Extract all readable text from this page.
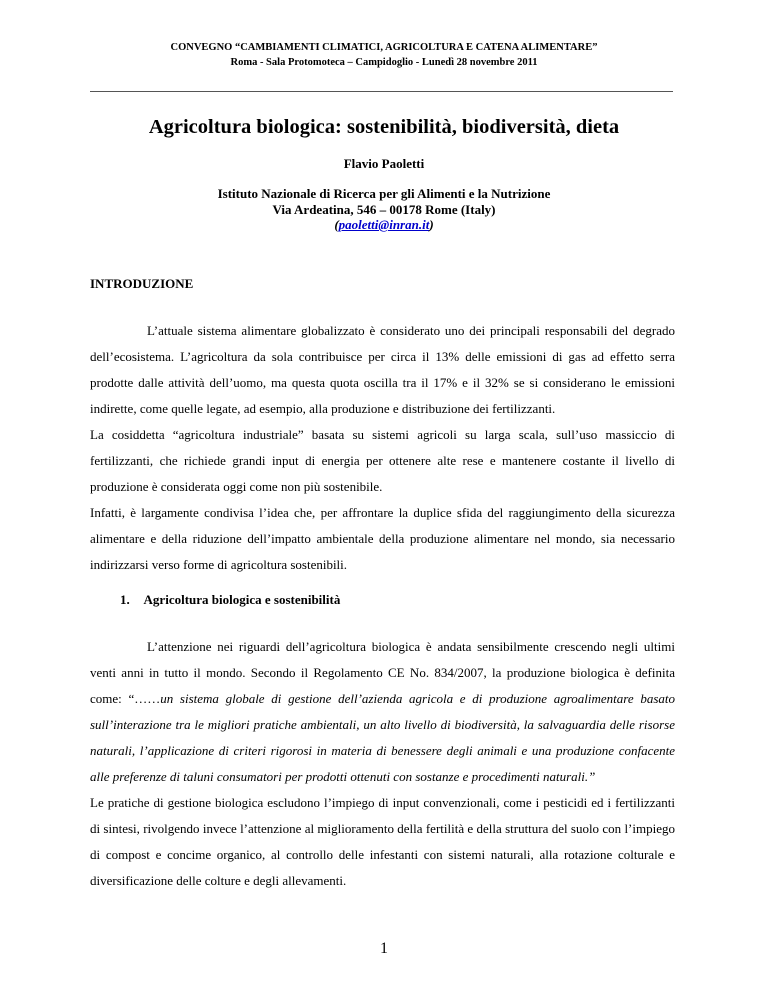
CONVEGNO “CAMBIAMENTI CLIMATICI, AGRICOLTURA E CATENA ALIMENTARE”
Roma - Sala Protomoteca – Campidoglio - Lunedì 28 novembre 2011
Agricoltura biologica: sostenibilità, biodiversità, dieta
Flavio Paoletti
Istituto Nazionale di Ricerca per gli Alimenti e la Nutrizione
Via Ardeatina, 546 – 00178 Rome (Italy)
(paoletti@inran.it)
INTRODUZIONE

L’attuale sistema alimentare globalizzato è considerato uno dei principali responsabili del degrado dell’ecosistema. L’agricoltura da sola contribuisce per circa il 13% delle emissioni di gas ad effetto serra prodotte dalle attività dell’uomo, ma questa quota oscilla tra il 17% e il 32% se si considerano le emissioni indirette, come quelle legate, ad esempio, alla produzione e distribuzione dei fertilizzanti.

La cosiddetta “agricoltura industriale” basata su sistemi agricoli su larga scala, sull’uso massiccio di fertilizzanti, che richiede grandi input di energia per ottenere alte rese e mantenere costante il livello di produzione è considerata oggi come non più sostenibile.

Infatti, è largamente condivisa l’idea che, per affrontare la duplice sfida del raggiungimento della sicurezza alimentare e della riduzione dell’impatto ambientale della produzione alimentare nel mondo, sia necessario indirizzarsi verso forme di agricoltura sostenibili.

1. Agricoltura biologica e sostenibilità

L’attenzione nei riguardi dell’agricoltura biologica è andata sensibilmente crescendo negli ultimi venti anni in tutto il mondo. Secondo il Regolamento CE No. 834/2007, la produzione biologica è definita come: “……un sistema globale di gestione dell’azienda agricola e di produzione agroalimentare basato sull’interazione tra le migliori pratiche ambientali, un alto livello di biodiversità, la salvaguardia delle risorse naturali, l’applicazione di criteri rigorosi in materia di benessere degli animali e una produzione confacente alle preferenze di taluni consumatori per prodotti ottenuti con sostanze e procedimenti naturali.”

Le pratiche di gestione biologica escludono l’impiego di input convenzionali, come i pesticidi ed i fertilizzanti di sintesi, rivolgendo invece l’attenzione al miglioramento della fertilità e della struttura del suolo con l’impiego di compost e concime organico, al controllo delle infestanti con sistemi naturali, alla rotazione colturale e diversificazione delle colture e degli allevamenti.

1
